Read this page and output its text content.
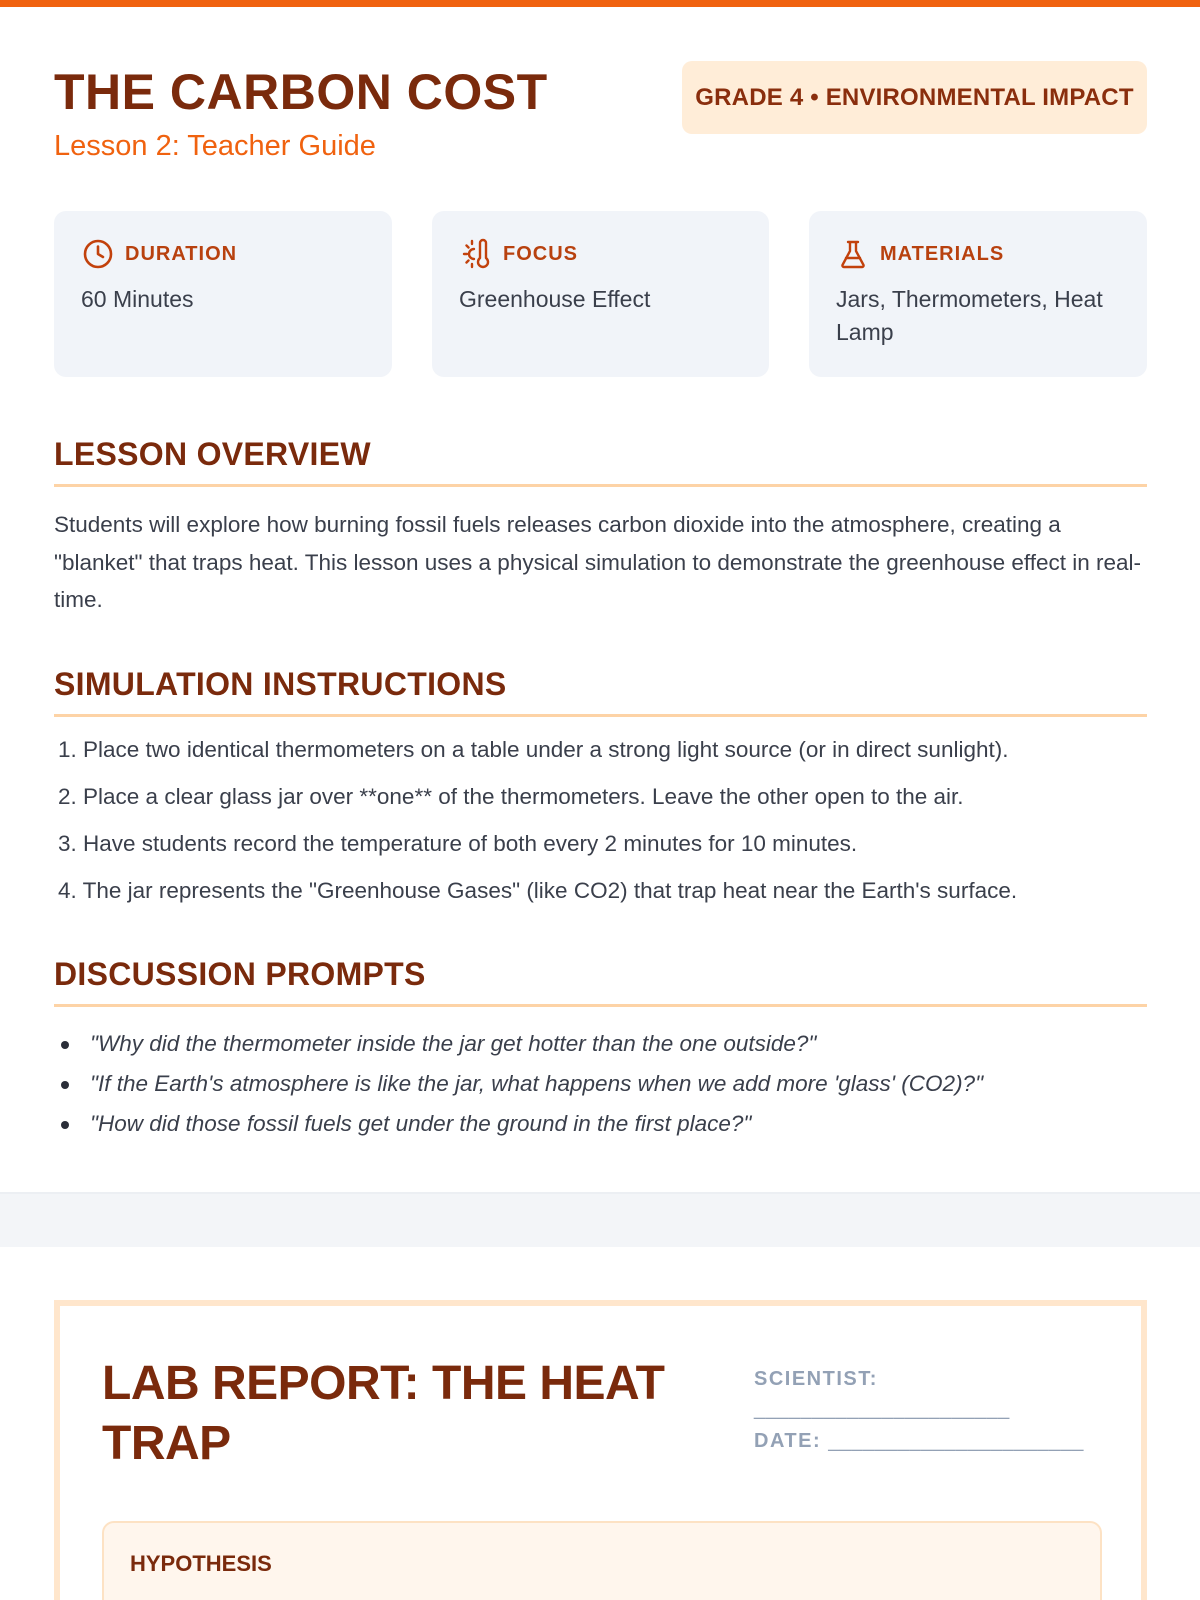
THE CARBON COST
Lesson 2: Teacher Guide
GRADE 4 • ENVIRONMENTAL IMPACT
DURATION
60 Minutes
FOCUS
Greenhouse Effect
MATERIALS
Jars, Thermometers, Heat Lamp
LESSON OVERVIEW

Students will explore how burning fossil fuels releases carbon dioxide into the atmosphere, creating a "blanket" that traps heat. This lesson uses a physical simulation to demonstrate the greenhouse effect in real-time.

SIMULATION INSTRUCTIONS
1. Place two identical thermometers on a table under a strong light source (or in direct sunlight).
2. Place a clear glass jar over **one** of the thermometers. Leave the other open to the air.
3. Have students record the temperature of both every 2 minutes for 10 minutes.
4. The jar represents the "Greenhouse Gases" (like CO2) that trap heat near the Earth's surface.
DISCUSSION PROMPTS
"Why did the thermometer inside the jar get hotter than the one outside?"
"If the Earth's atmosphere is like the jar, what happens when we add more 'glass' (CO2)?"
"How did those fossil fuels get under the ground in the first place?"
LAB REPORT: THE HEAT TRAP
SCIENTIST:
______________________
DATE: ______________________
HYPOTHESIS
